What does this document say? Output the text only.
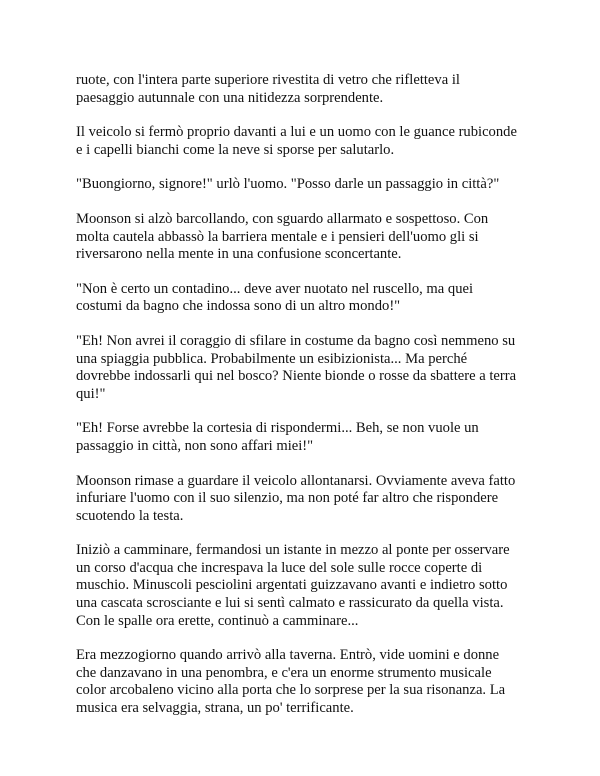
ruote, con l'intera parte superiore rivestita di vetro che rifletteva il
paesaggio autunnale con una nitidezza sorprendente.

Il veicolo si fermò proprio davanti a lui e un uomo con le guance rubiconde
e i capelli bianchi come la neve si sporse per salutarlo.

"Buongiorno, signore!" urlò l'uomo. "Posso darle un passaggio in città?"

Moonson si alzò barcollando, con sguardo allarmato e sospettoso. Con
molta cautela abbassò la barriera mentale e i pensieri dell'uomo gli si
riversarono nella mente in una confusione sconcertante.

"Non è certo un contadino... deve aver nuotato nel ruscello, ma quei
costumi da bagno che indossa sono di un altro mondo!"

"Eh! Non avrei il coraggio di sfilare in costume da bagno così nemmeno su
una spiaggia pubblica. Probabilmente un esibizionista... Ma perché
dovrebbe indossarli qui nel bosco? Niente bionde o rosse da sbattere a terra
qui!"

"Eh! Forse avrebbe la cortesia di rispondermi... Beh, se non vuole un
passaggio in città, non sono affari miei!"

Moonson rimase a guardare il veicolo allontanarsi. Ovviamente aveva fatto
infuriare l'uomo con il suo silenzio, ma non poté far altro che rispondere
scuotendo la testa.

Iniziò a camminare, fermandosi un istante in mezzo al ponte per osservare
un corso d'acqua che increspava la luce del sole sulle rocce coperte di
muschio. Minuscoli pesciolini argentati guizzavano avanti e indietro sotto
una cascata scrosciante e lui si sentì calmato e rassicurato da quella vista.
Con le spalle ora erette, continuò a camminare...

Era mezzogiorno quando arrivò alla taverna. Entrò, vide uomini e donne
che danzavano in una penombra, e c'era un enorme strumento musicale
color arcobaleno vicino alla porta che lo sorprese per la sua risonanza. La
musica era selvaggia, strana, un po' terrificante.
